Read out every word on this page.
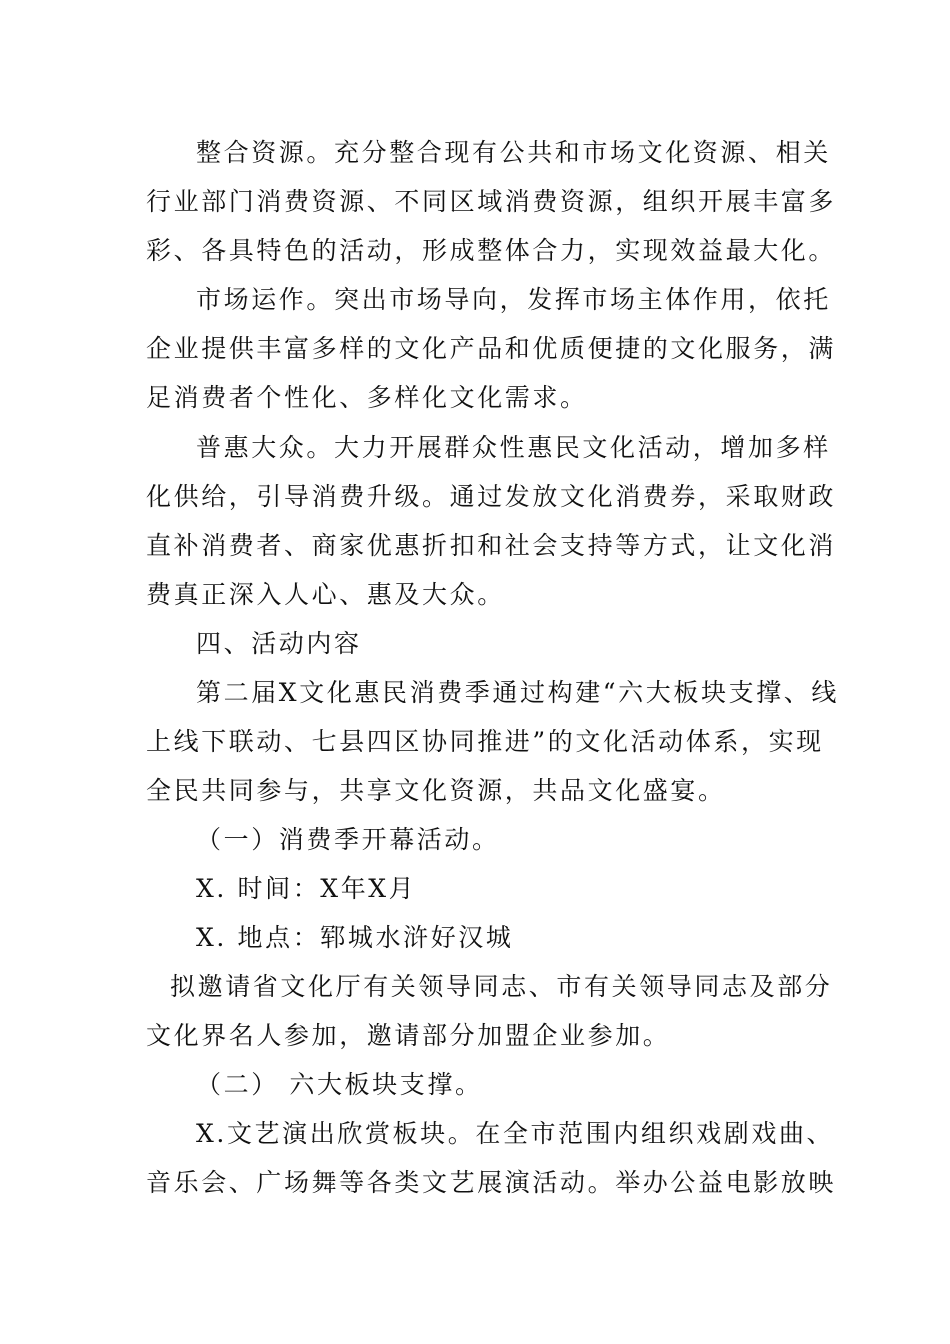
整合资源。充分整合现有公共和市场文化资源、相关

行业部门消费资源、不同区域消费资源，组织开展丰富多

彩、各具特色的活动，形成整体合力，实现效益最大化。

市场运作。突出市场导向，发挥市场主体作用，依托

企业提供丰富多样的文化产品和优质便捷的文化服务，满

足消费者个性化、多样化文化需求。

普惠大众。大力开展群众性惠民文化活动，增加多样

化供给，引导消费升级。通过发放文化消费券，采取财政

直补消费者、商家优惠折扣和社会支持等方式，让文化消

费真正深入人心、惠及大众。

四、活动内容

第二届X文化惠民消费季通过构建“六大板块支撑、线

上线下联动、七县四区协同推进”的文化活动体系，实现

全民共同参与，共享文化资源，共品文化盛宴。

（一）消费季开幕活动。

X. 时间：X年X月

X. 地点：郓城水浒好汉城

拟邀请省文化厅有关领导同志、市有关领导同志及部分

文化界名人参加，邀请部分加盟企业参加。

（二） 六大板块支撑。

X.文艺演出欣赏板块。在全市范围内组织戏剧戏曲、

音乐会、广场舞等各类文艺展演活动。举办公益电影放映
